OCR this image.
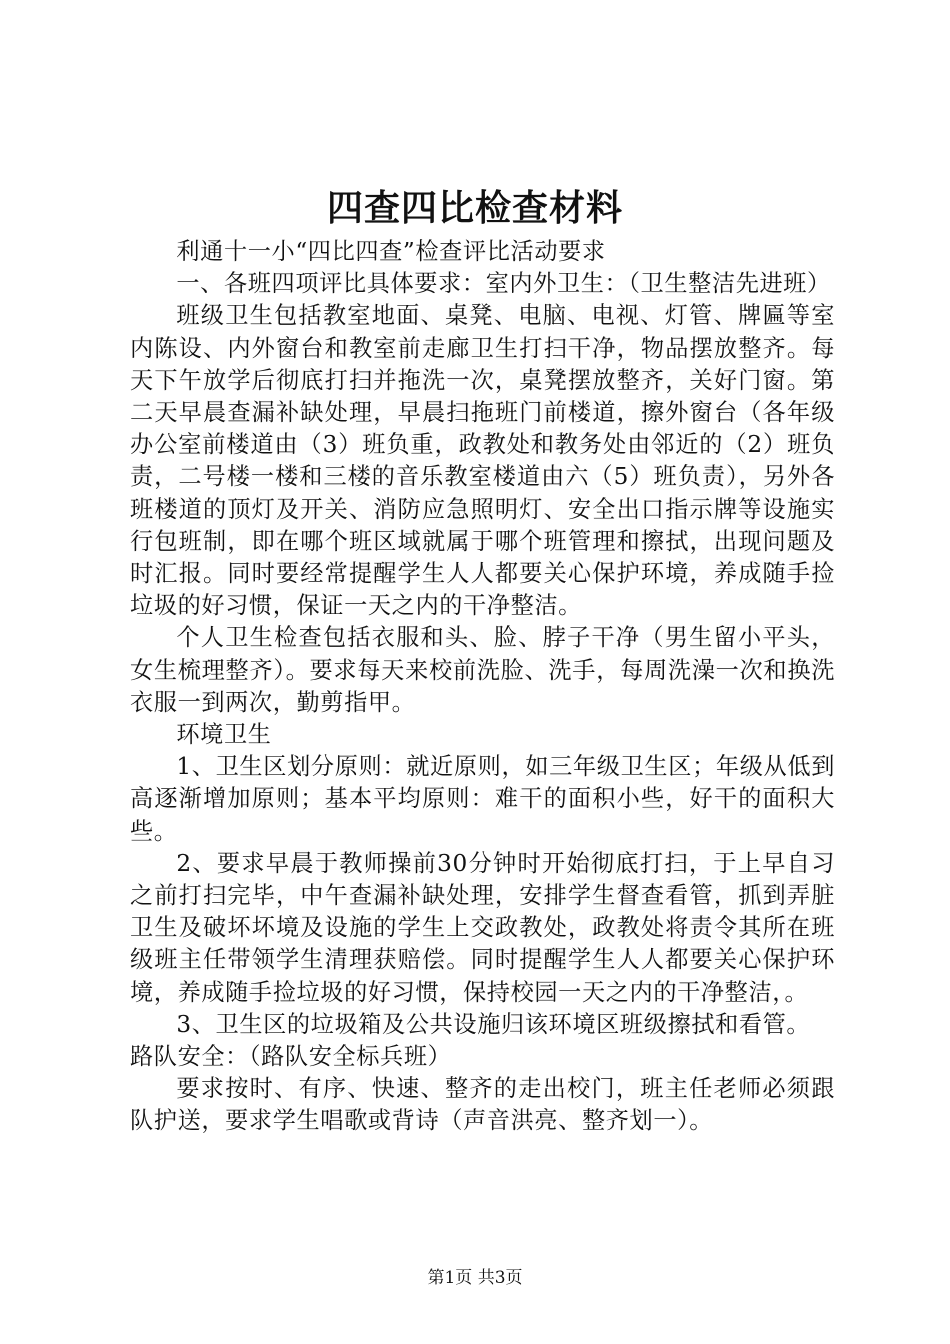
四查四比检查材料

利通十一小“四比四查”检查评比活动要求

一、各班四项评比具体要求：室内外卫生：（卫生整洁先进班）

班级卫生包括教室地面、桌凳、电脑、电视、灯管、牌匾等室内陈设、内外窗台和教室前走廊卫生打扫干净，物品摆放整齐。每天下午放学后彻底打扫并拖洗一次，桌凳摆放整齐，关好门窗。第二天早晨查漏补缺处理，早晨扫拖班门前楼道，擦外窗台（各年级办公室前楼道由（3）班负重，政教处和教务处由邻近的（2）班负责，二号楼一楼和三楼的音乐教室楼道由六（5）班负责），另外各班楼道的顶灯及开关、消防应急照明灯、安全出口指示牌等设施实行包班制，即在哪个班区域就属于哪个班管理和擦拭，出现问题及时汇报。同时要经常提醒学生人人都要关心保护环境，养成随手捡垃圾的好习惯，保证一天之内的干净整洁。

个人卫生检查包括衣服和头、脸、脖子干净（男生留小平头，女生梳理整齐）。要求每天来校前洗脸、洗手，每周洗澡一次和换洗衣服一到两次，勤剪指甲。

环境卫生

1、卫生区划分原则：就近原则，如三年级卫生区；年级从低到高逐渐增加原则；基本平均原则：难干的面积小些，好干的面积大些。

2、要求早晨于教师操前30分钟时开始彻底打扫，于上早自习之前打扫完毕，中午查漏补缺处理，安排学生督查看管，抓到弄脏卫生及破坏坏境及设施的学生上交政教处，政教处将责令其所在班级班主任带领学生清理获赔偿。同时提醒学生人人都要关心保护环境，养成随手捡垃圾的好习惯，保持校园一天之内的干净整洁，。

3、卫生区的垃圾箱及公共设施归该环境区班级擦拭和看管。

路队安全：（路队安全标兵班）

要求按时、有序、快速、整齐的走出校门，班主任老师必须跟队护送，要求学生唱歌或背诗（声音洪亮、整齐划一）。

第1页 共3页
